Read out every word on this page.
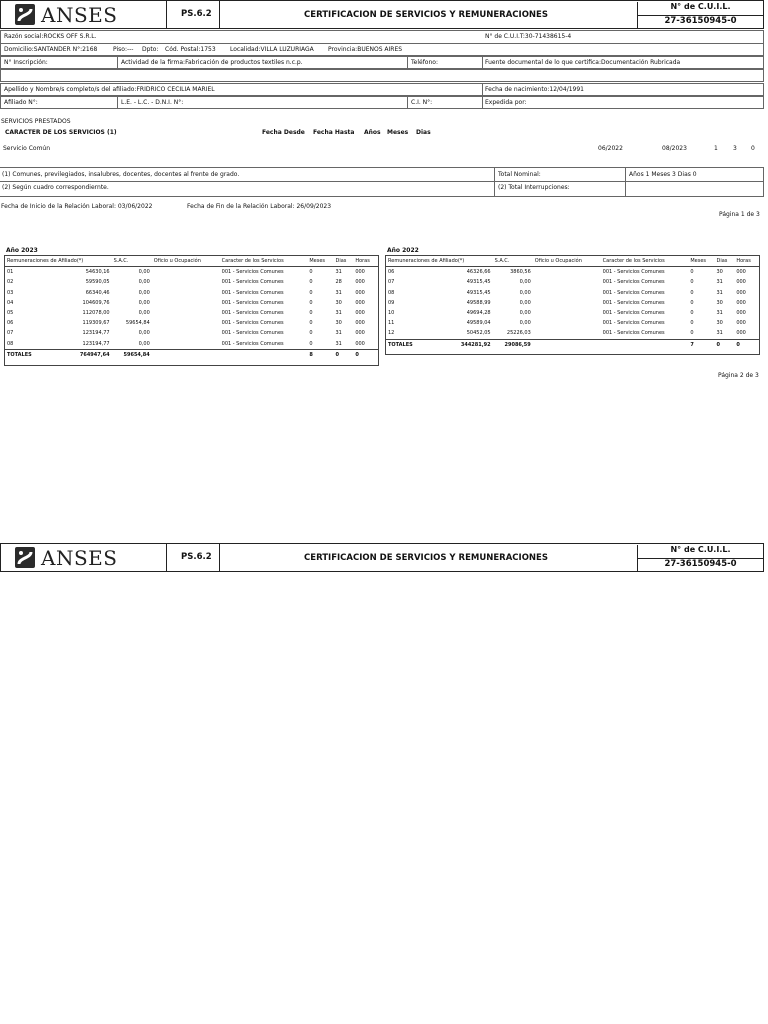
ANSES	PS.6.2	CERTIFICACION DE SERVICIOS Y REMUNERACIONES
N° de C.U.I.L.
27-36150945-0
Razón social:ROCKS OFF S.R.L.	N° de C.U.I.T:30-71438615-4
Domicilio:SANTANDER N°:2168	Piso:--- Dpto: Cód. Postal:1753 Localidad:VILLA LUZURIAGA Provincia:BUENOS AIRES
N° Inscripción:	Actividad de la firma:Fabricación de productos textiles n.c.p.	Teléfono:	Fuente documental de lo que certifica:Documentación Rubricada
Apellido y Nombre/s completo/s del afiliado:FRIDRICO CECILIA MARIEL	Fecha de nacimiento:12/04/1991
Afiliado N°:	L.E. - L.C. - D.N.I. N°:	C.I. N°:	Expedida por:
SERVICIOS PRESTADOS
CARACTER DE LOS SERVICIOS (1)	Fecha Desde Fecha Hasta Años Meses Dias
Servicio Común	06/2022	08/2023	1	3 0
(1) Comunes, previlegiados, insalubres, docentes, docentes al frente de grado.
(2) Según cuadro correspondiernte.
Total Nominal:	Años 1 Meses 3 Dias 0
(2) Total Interrupciones:
Fecha de Inicio de la Relación Laboral: 03/06/2022	Fecha de Fin de la Relación Laboral: 26/09/2023
Página 1 de 3
Año 2023
Remuneraciones de Afiliado(*)		S.A.C.	Oficio u Ocupación	Caracter de los Servicios	Meses	Dias	Horas
01	54630,16	0,00		001 - Servicios Comunes	0	31	000
02	59590,05	0,00		001 - Servicios Comunes	0	28	000
03	66340,46	0,00		001 - Servicios Comunes	0	31	000
04	104609,76	0,00		001 - Servicios Comunes	0	30	000
05	112078,00	0,00		001 - Servicios Comunes	0	31	000
06	119309,67	59654,84		001 - Servicios Comunes	0	30	000
07	123194,77	0,00		001 - Servicios Comunes	0	31	000
08	123194,77	0,00		001 - Servicios Comunes	0	31	000
TOTALES	764947,64	59654,84			8	0	0
Año 2022
Remuneraciones de Afiliado(*)		S.A.C.	Oficio u Ocupación	Caracter de los Servicios	Meses	Dias	Horas
06	46326,66	3860,56		001 - Servicios Comunes	0	30	000
07	49315,45	0,00		001 - Servicios Comunes	0	31	000
08	49315,45	0,00		001 - Servicios Comunes	0	31	000
09	49588,99	0,00		001 - Servicios Comunes	0	30	000
10	49694,28	0,00		001 - Servicios Comunes	0	31	000
11	49589,04	0,00		001 - Servicios Comunes	0	30	000
12	50452,05	25226,03		001 - Servicios Comunes	0	31	000
TOTALES	344281,92	29086,59			7	0	0
Página 2 de 3
ANSES	PS.6.2	CERTIFICACION DE SERVICIOS Y REMUNERACIONES
N° de C.U.I.L.
27-36150945-0
